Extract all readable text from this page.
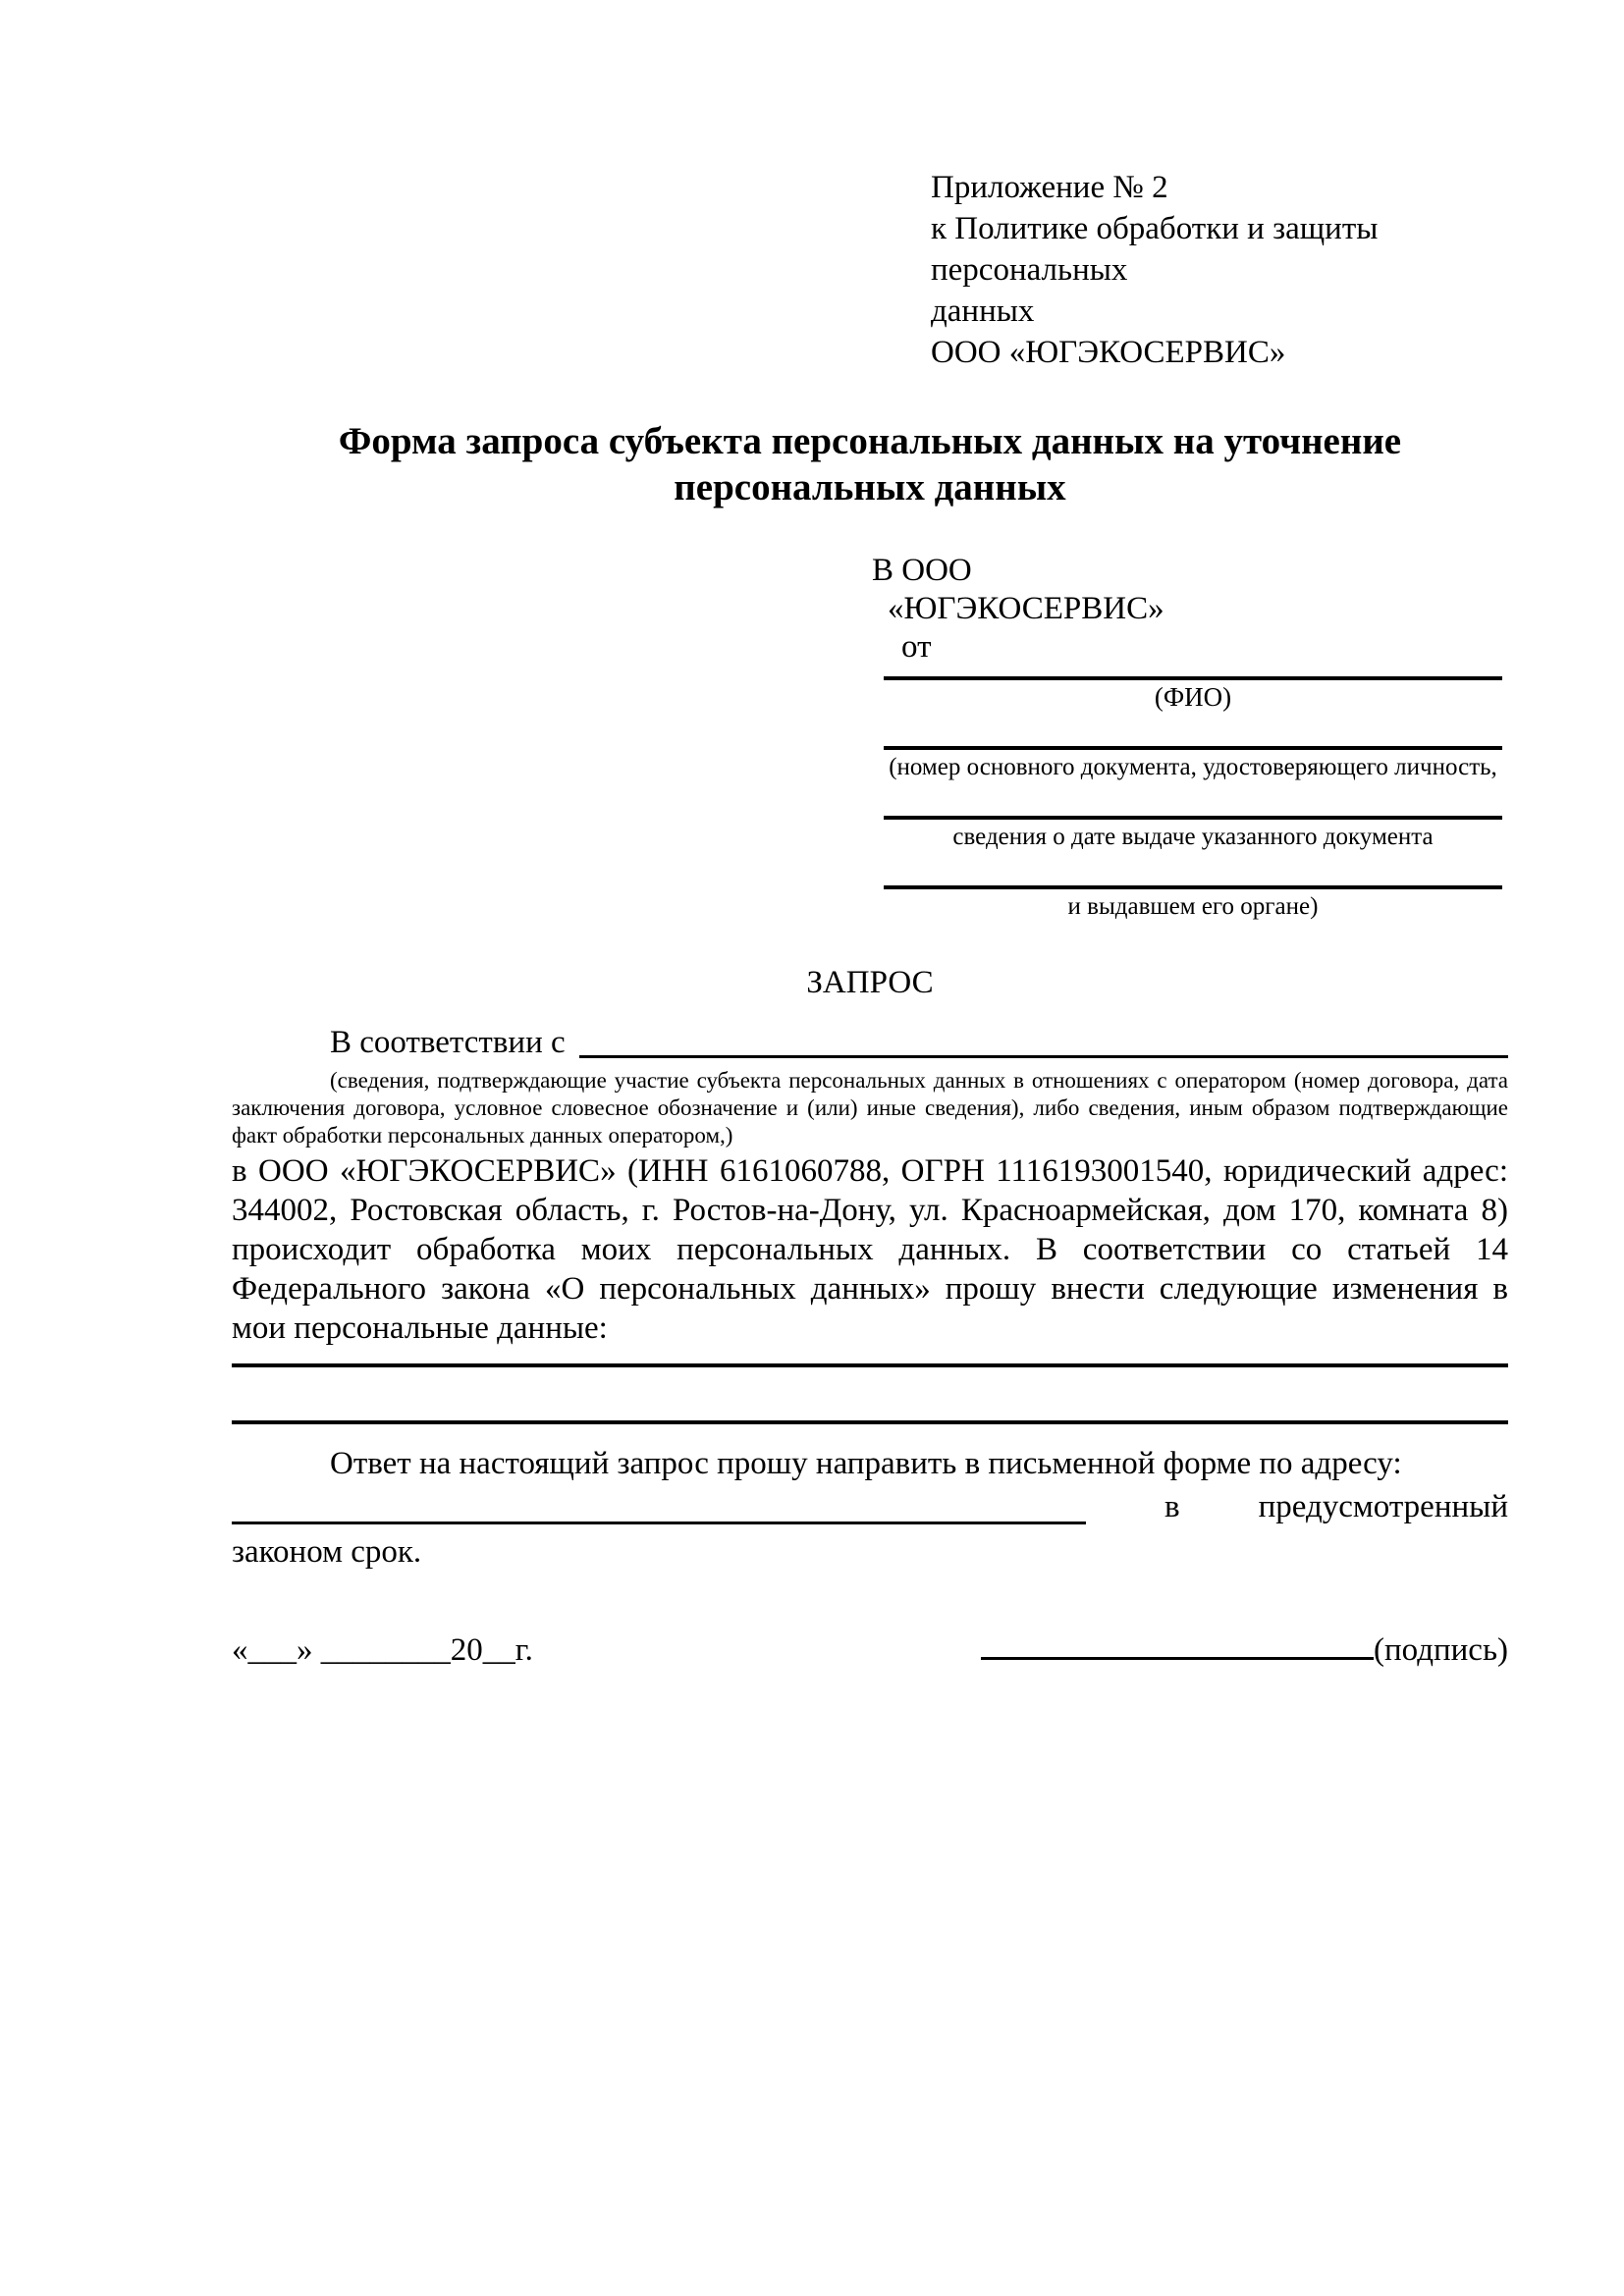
Приложение № 2
к Политике обработки и защиты персональных
данных
ООО «ЮГЭКОСЕРВИС»
Форма запроса субъекта персональных данных на уточнение
персональных данных
В ООО
«ЮГЭКОСЕРВИС»
от
(ФИО)
(номер основного документа, удостоверяющего личность,
сведения о дате выдаче указанного документа
и выдавшем его органе)
ЗАПРОС
В соответствии с
(сведения, подтверждающие участие субъекта персональных данных в отношениях с оператором (номер договора, дата заключения договора, условное словесное обозначение и (или) иные сведения), либо сведения, иным образом подтверждающие факт обработки персональных данных оператором,)
в ООО «ЮГЭКОСЕРВИС» (ИНН 6161060788, ОГРН 1116193001540, юридический адрес: 344002, Ростовская область, г. Ростов-на-Дону, ул. Красноармейская, дом 170, комната 8) происходит обработка моих персональных данных. В соответствии со статьей 14 Федерального закона «О персональных данных» прошу внести следующие изменения в мои персональные данные:
Ответ на настоящий запрос прошу направить в письменной форме по адресу:
в предусмотренный
законом срок.
«___» ________20__г.	(подпись)
